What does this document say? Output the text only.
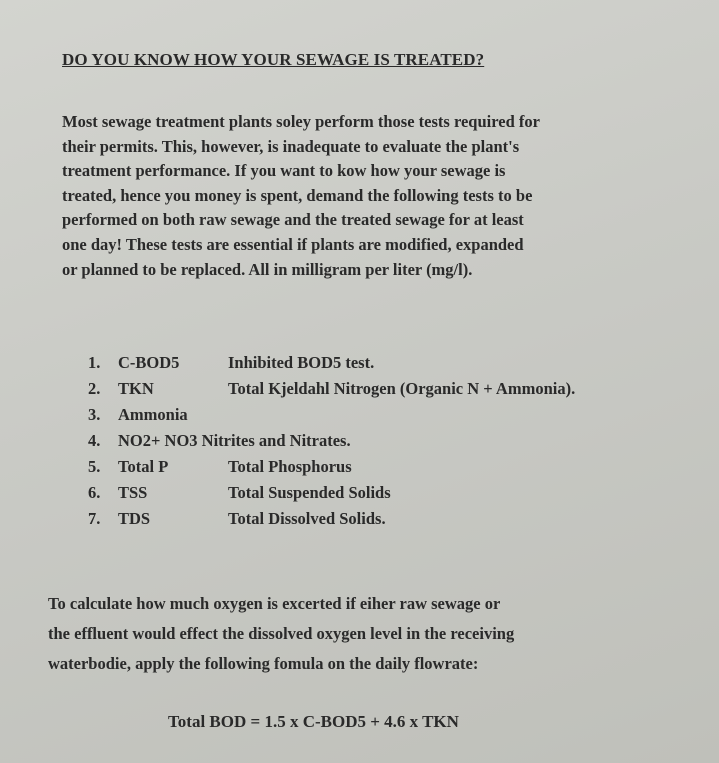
DO YOU KNOW HOW YOUR SEWAGE IS TREATED?
Most sewage treatment plants soley perform those tests required for
their permits. This, however, is inadequate to evaluate the plant's
treatment performance. If you want to kow how your sewage is
treated, hence you money is spent, demand the following tests to be
performed on both raw sewage and the treated sewage for at least
one day! These tests are essential if plants are modified, expanded
or planned to be replaced. All in milligram per liter (mg/l).
1.	C-BOD5	Inhibited BOD5 test.
2.	TKN	Total Kjeldahl Nitrogen (Organic N + Ammonia).
3.	Ammonia
4.	NO2+ NO3 Nitrites and Nitrates.
5.	Total P	Total Phosphorus
6.	TSS	Total Suspended Solids
7.	TDS	Total Dissolved Solids.
To calculate how much oxygen is excerted if eiher raw sewage or
the effluent would effect the dissolved oxygen level in the receiving
waterbodie, apply the following fomula on the daily flowrate:
Total BOD = 1.5 x C-BOD5 + 4.6 x TKN
